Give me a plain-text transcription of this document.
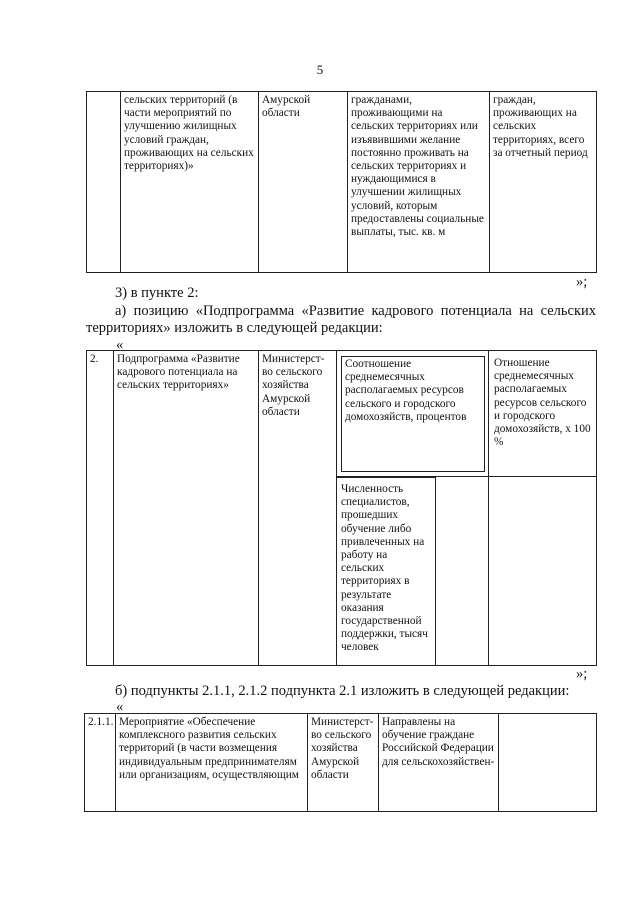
5
	сельских территорий (в части мероприятий по улучшению жилищных условий граждан, проживающих на сельских территориях)»	Амурской области	гражданами, проживающими на сельских территориях или изъявившими желание постоянно проживать на сельских территориях и нуждающимися в улучшении жилищных условий, которым предоставлены социальные выплаты, тыс. кв. м	граждан, проживающих на сельских территориях, всего за отчетный период
»;
3) в пункте 2:
а) позицию «Подпрограмма «Развитие кадрового потенциала на сельских
территориях» изложить в следующей редакции:
«
2.	Подпрограмма «Развитие кадрового потенциала на сельских территориях»	Министерст-во сельского хозяйства Амурской области	Соотношение среднемесячных располагаемых ресурсов сельского и городского домохозяйств, процентов	Отношение среднемесячных располагаемых ресурсов сельского и городского домохозяйств, х 100 %

			Численность специалистов, прошедших обучение либо привлеченных на работу на сельских территориях в результате оказания государственной поддержки, тысяч человек	

»;
б) подпункты 2.1.1, 2.1.2 подпункта 2.1 изложить в следующей редакции:
«
2.1.1.	Мероприятие «Обеспечение комплексного развития сельских территорий (в части возмещения индивидуальным предпринимателям или организациям, осуществляющим	Министерст-во сельского хозяйства Амурской области	Направлены на обучение граждане Российской Федерации для сельскохозяйствен-	
